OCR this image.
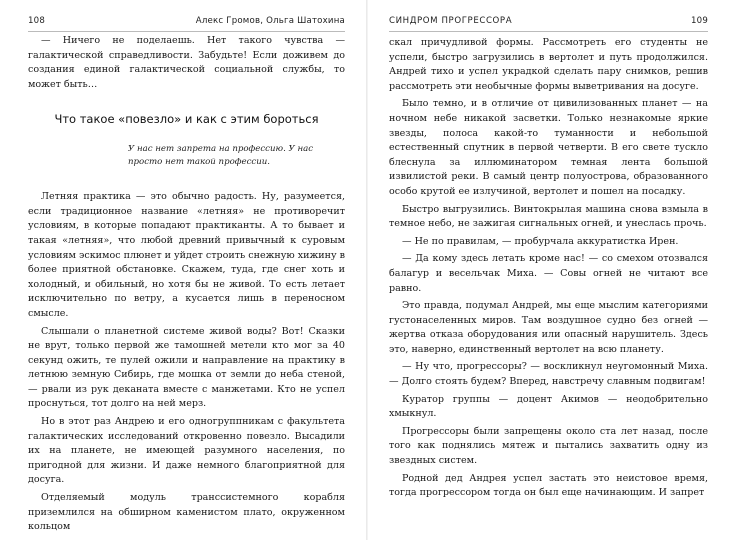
108	Алекс Громов, Ольга Шатохина

— Ничего не поделаешь. Нет такого чувства — галактической справедливости. Забудьте! Если доживем до создания единой галактической социальной службы, то может быть…

Что такое «повезло» и как с этим бороться
У нас нет запрета на профессию. У нас просто нет такой профессии.

Летняя практика — это обычно радость. Ну, разумеется, если традиционное название «летняя» не противоречит условиям, в которые попадают практиканты. А то бывает и такая «летняя», что любой древний привычный к суровым условиям эскимос плюнет и уйдет строить снежную хижину в более приятной обстановке. Скажем, туда, где снег хоть и холодный, и обильный, но хотя бы не живой. То есть летает исключительно по ветру, а кусается лишь в переносном смысле.

Слышали о планетной системе живой воды? Вот! Сказки не врут, только первой же тамошней метели кто мог за 40 секунд ожить, те пулей ожили и направление на практику в летнюю земную Сибирь, где мошка от земли до неба стеной, — рвали из рук деканата вместе с манжетами. Кто не успел проснуться, тот долго на ней мерз.

Но в этот раз Андрею и его одногруппникам с факультета галактических исследований откровенно повезло. Высадили их на планете, не имеющей разумного населения, по пригодной для жизни. И даже немного благоприятной для досуга.

Отделяемый модуль транссистемного корабля приземлился на обширном каменистом плато, окруженном кольцом

СИНДРОМ ПРОГРЕССОРА	109

скал причудливой формы. Рассмотреть его студенты не успели, быстро загрузились в вертолет и путь продолжился. Андрей тихо и успел украдкой сделать пару снимков, решив рассмотреть эти необычные формы выветривания на досуге.

Было темно, и в отличие от цивилизованных планет — на ночном небе никакой засветки. Только незнакомые яркие звезды, полоса какой-то туманности и небольшой естественный спутник в первой четверти. В его свете тускло блеснула за иллюминатором темная лента большой извилистой реки. В самый центр полуострова, образованного особо крутой ее излучиной, вертолет и пошел на посадку.

Быстро выгрузились. Винтокрылая машина снова взмыла в темное небо, не зажигая сигнальных огней, и унеслась прочь.

— Не по правилам, — пробурчала аккуратистка Ирен.

— Да кому здесь летать кроме нас! — со смехом отозвался балагур и весельчак Миха. — Совы огней не читают все равно.

Это правда, подумал Андрей, мы еще мыслим категориями густонаселенных миров. Там воздушное судно без огней — жертва отказа оборудования или опасный нарушитель. Здесь это, наверно, единственный вертолет на всю планету.

— Ну что, прогрессоры? — воскликнул неугомонный Миха. — Долго стоять будем? Вперед, навстречу славным подвигам!

Куратор группы — доцент Акимов — неодобрительно хмыкнул.

Прогрессоры были запрещены около ста лет назад, после того как поднялись мятеж и пытались захватить одну из звездных систем.

Родной дед Андрея успел застать это неистовое время, тогда прогрессором тогда он был еще начинающим. И запрет
